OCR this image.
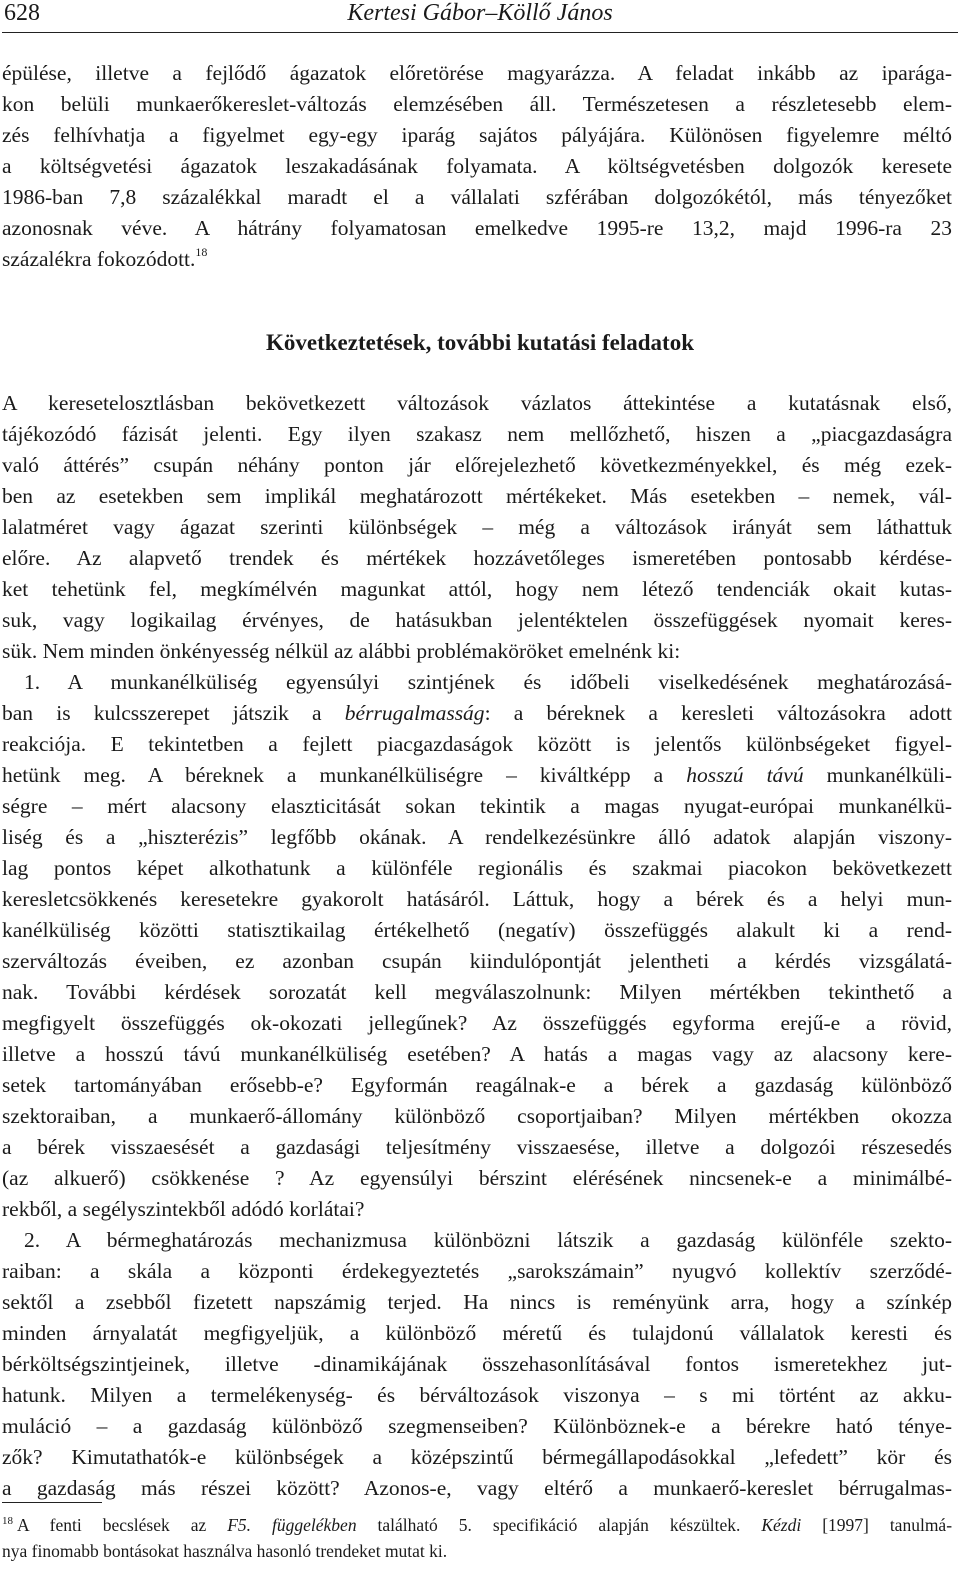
628	Kertesi Gábor–Köllő János
épülése, illetve a fejlődő ágazatok előretörése magyarázza. A feladat inkább az iparága-
kon belüli munkaerőkereslet-változás elemzésében áll. Természetesen a részletesebb elem-
zés felhívhatja a figyelmet egy-egy iparág sajátos pályájára. Különösen figyelemre méltó
a költségvetési ágazatok leszakadásának folyamata. A költségvetésben dolgozók keresete
1986-ban 7,8 százalékkal maradt el a vállalati szférában dolgozókétól, más tényezőket
azonosnak véve. A hátrány folyamatosan emelkedve 1995-re 13,2, majd 1996-ra 23
százalékra fokozódott.$^{18}$
Következtetések, további kutatási feladatok
A keresetelosztlásban bekövetkezett változások vázlatos áttekintése a kutatásnak első,
tájékozódó fázisát jelenti. Egy ilyen szakasz nem mellőzhető, hiszen a „piacgazdaságra
való áttérés” csupán néhány ponton jár előrejelezhető következményekkel, és még ezek-
ben az esetekben sem implikál meghatározott mértékeket. Más esetekben – nemek, vál-
lalatméret vagy ágazat szerinti különbségek – még a változások irányát sem láthattuk
előre. Az alapvető trendek és mértékek hozzávetőleges ismeretében pontosabb kérdése-
ket tehetünk fel, megkímélvén magunkat attól, hogy nem létező tendenciák okait kutas-
suk, vagy logikailag érvényes, de hatásukban jelentéktelen összefüggések nyomait keres-
sük. Nem minden önkényesség nélkül az alábbi problémaköröket emelnénk ki:
1. A munkanélküliség egyensúlyi szintjének és időbeli viselkedésének meghatározásá-
ban is kulcsszerepet játszik a bérrugalmasság: a béreknek a keresleti változásokra adott
reakciója. E tekintetben a fejlett piacgazdaságok között is jelentős különbségeket figyel-
hetünk meg. A béreknek a munkanélküliségre – kiváltképp a hosszú távú munkanélküli-
ségre – mért alacsony elaszticitását sokan tekintik a magas nyugat-európai munkanélkü-
liség és a „hiszterézis” legfőbb okának. A rendelkezésünkre álló adatok alapján viszony-
lag pontos képet alkothatunk a különféle regionális és szakmai piacokon bekövetkezett
keresletcsökkenés keresetekre gyakorolt hatásáról. Láttuk, hogy a bérek és a helyi mun-
kanélküliség közötti statisztikailag értékelhető (negatív) összefüggés alakult ki a rend-
szerváltozás éveiben, ez azonban csupán kiindulópontját jelentheti a kérdés vizsgálatá-
nak. További kérdések sorozatát kell megválaszolnunk: Milyen mértékben tekinthető a
megfigyelt összefüggés ok-okozati jellegűnek? Az összefüggés egyforma erejű-e a rövid,
illetve a hosszú távú munkanélküliség esetében? A hatás a magas vagy az alacsony kere-
setek tartományában erősebb-e? Egyformán reagálnak-e a bérek a gazdaság különböző
szektoraiban, a munkaerő-állomány különböző csoportjaiban? Milyen mértékben okozza
a bérek visszaesését a gazdasági teljesítmény visszaesése, illetve a dolgozói részesedés
(az alkuerő) csökkenése ? Az egyensúlyi bérszint elérésének nincsenek-e a minimálbé-
rekből, a segélyszintekből adódó korlátai?
2. A bérmeghatározás mechanizmusa különbözni látszik a gazdaság különféle szekto-
raiban: a skála a központi érdekegyeztetés „sarokszámain” nyugvó kollektív szerződé-
sektől a zsebből fizetett napszámig terjed. Ha nincs is reményünk arra, hogy a színkép
minden árnyalatát megfigyeljük, a különböző méretű és tulajdonú vállalatok keresti és
bérköltségszintjeinek, illetve -dinamikájának összehasonlításával fontos ismeretekhez jut-
hatunk. Milyen a termelékenység- és bérváltozások viszonya – s mi történt az akku-
muláció – a gazdaság különböző szegmenseiben? Különböznek-e a bérekre ható ténye-
zők? Kimutathatók-e különbségek a középszintű bérmegállapodásokkal „lefedett” kör és
a gazdaság más részei között? Azonos-e, vagy eltérő a munkaerő-kereslet bérrugalmas-
$^{18}$ A fenti becslések az F5. függelékben található 5. specifikáció alapján készültek. Kézdi [1997] tanulmá-
nya finomabb bontásokat használva hasonló trendeket mutat ki.
